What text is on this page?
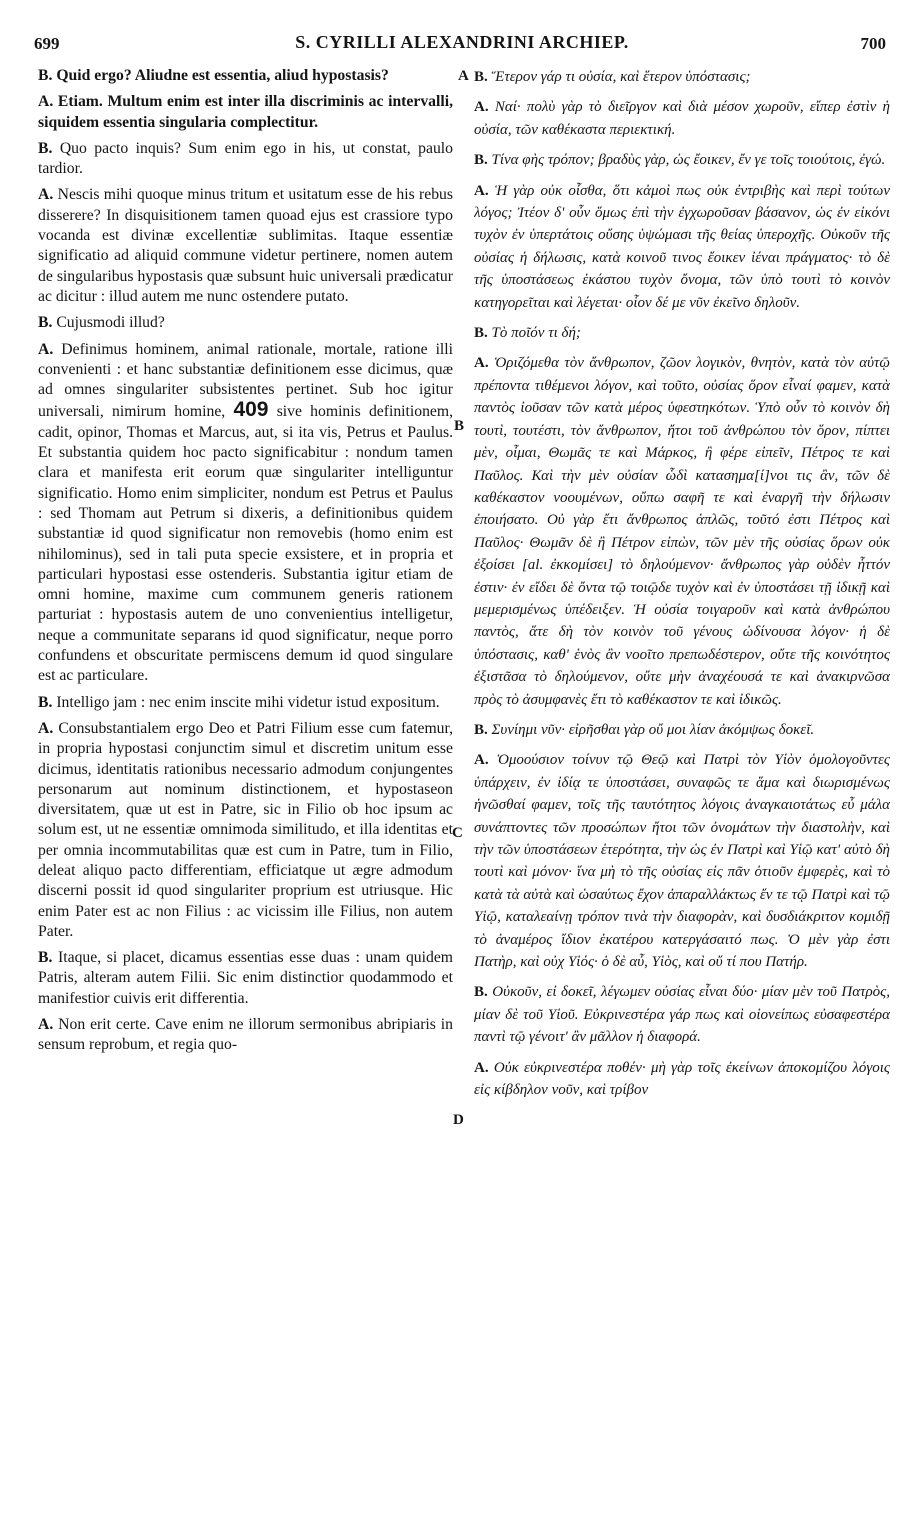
699	S. CYRILLI ALEXANDRINI ARCHIEP.	700
A
B
C
D

B. Quid ergo? Aliudne est essentia, aliud hypostasis?

A. Etiam. Multum enim est inter illa discriminis ac intervalli, siquidem essentia singularia complectitur.

B. Quo pacto inquis? Sum enim ego in his, ut constat, paulo tardior.

A. Nescis mihi quoque minus tritum et usitatum esse de his rebus disserere? In disquisitionem tamen quoad ejus est crassiore typo vocanda est divinæ excellentiæ sublimitas. Itaque essentiæ significatio ad aliquid commune videtur pertinere, nomen autem de singularibus hypostasis quæ subsunt huic universali prædicatur ac dicitur : illud autem me nunc ostendere putato.

B. Cujusmodi illud?

A. Definimus hominem, animal rationale, mortale, ratione illi convenienti : et hanc substantiæ definitionem esse dicimus, quæ ad omnes singulariter subsistentes pertinet. Sub hoc igitur universali, nimirum homine, 409 sive hominis definitionem, cadit, opinor, Thomas et Marcus, aut, si ita vis, Petrus et Paulus. Et substantia quidem hoc pacto significabitur : nondum tamen clara et manifesta erit eorum quæ singulariter intelliguntur significatio. Homo enim simpliciter, nondum est Petrus et Paulus : sed Thomam aut Petrum si dixeris, a definitionibus quidem substantiæ id quod significatur non removebis (homo enim est nihilominus), sed in tali puta specie exsistere, et in propria et particulari hypostasi esse ostenderis. Substantia igitur etiam de omni homine, maxime cum communem generis rationem parturiat : hypostasis autem de uno convenientius intelligetur, neque a communitate separans id quod significatur, neque porro confundens et obscuritate permiscens demum id quod singulare est ac particulare.

B. Intelligo jam : nec enim inscite mihi videtur istud expositum.

A. Consubstantialem ergo Deo et Patri Filium esse cum fatemur, in propria hypostasi conjunctim simul et discretim unitum esse dicimus, identitatis rationibus necessario admodum conjungentes personarum aut nominum distinctionem, et hypostaseon diversitatem, quæ ut est in Patre, sic in Filio ob hoc ipsum ac solum est, ut ne essentiæ omnimoda similitudo, et illa identitas et per omnia incommutabilitas quæ est cum in Patre, tum in Filio, deleat aliquo pacto differentiam, efficiatque ut ægre admodum discerni possit id quod singulariter proprium est utriusque. Hic enim Pater est ac non Filius : ac vicissim ille Filius, non autem Pater.

B. Itaque, si placet, dicamus essentias esse duas : unam quidem Patris, alteram autem Filii. Sic enim distinctior quodammodo et manifestior cuivis erit differentia.

A. Non erit certe. Cave enim ne illorum sermonibus abripiaris in sensum reprobum, et regia quo-

B. Ἕτερον γάρ τι οὐσία, καὶ ἕτερον ὑπόστασις;

A. Ναί· πολὺ γὰρ τὸ διεῖργον καὶ διὰ μέσον χωροῦν, εἴπερ ἐστὶν ἡ οὐσία, τῶν καθέκαστα περιεκτική.

B. Τίνα φὴς τρόπον; βραδὺς γὰρ, ὡς ἔοικεν, ἔν γε τοῖς τοιούτοις, ἐγώ.

A. Ἡ γὰρ οὐκ οἶσθα, ὅτι κἀμοὶ πως οὐκ ἐντριβὴς καὶ περὶ τούτων λόγος; Ἰτέον δ' οὖν ὅμως ἐπὶ τὴν ἐγχωροῦσαν βάσανον, ὡς ἐν εἰκόνι τυχὸν ἐν ὑπερτάτοις οὔσης ὑψώμασι τῆς θείας ὑπεροχῆς. Οὐκοῦν τῆς οὐσίας ἡ δήλωσις, κατὰ κοινοῦ τινος ἔοικεν ἰέναι πράγματος· τὸ δὲ τῆς ὑποστάσεως ἑκάστου τυχὸν ὄνομα, τῶν ὑπὸ τουτὶ τὸ κοινὸν κατηγορεῖται καὶ λέγεται· οἷον δέ με νῦν ἐκεῖνο δηλοῦν.

B. Τὸ ποῖόν τι δή;

A. Ὁριζόμεθα τὸν ἄνθρωπον, ζῶον λογικὸν, θνητὸν, κατὰ τὸν αὐτῷ πρέποντα τιθέμενοι λόγον, καὶ τοῦτο, οὐσίας ὅρον εἶναί φαμεν, κατὰ παντὸς ἰοῦσαν τῶν κατὰ μέρος ὑφεστηκότων. Ὑπὸ οὖν τὸ κοινὸν δὴ τουτὶ, τουτέστι, τὸν ἄνθρωπον, ἤτοι τοῦ ἀνθρώπου τὸν ὅρον, πίπτει μὲν, οἶμαι, Θωμᾶς τε καὶ Μάρκος, ἢ φέρε εἰπεῖν, Πέτρος τε καὶ Παῦλος. Καὶ τὴν μὲν οὐσίαν ὧδὶ κατασημα[ί]νοι τις ἂν, τῶν δὲ καθέκαστον νοουμένων, οὔπω σαφῆ τε καὶ ἐναργῆ τὴν δήλωσιν ἐποιήσατο. Οὐ γὰρ ἔτι ἄνθρωπος ἁπλῶς, τοῦτό ἐστι Πέτρος καὶ Παῦλος· Θωμᾶν δὲ ἢ Πέτρον εἰπὼν, τῶν μὲν τῆς οὐσίας ὅρων οὐκ ἐξοίσει [al. ἐκκομίσει] τὸ δηλούμενον· ἄνθρωπος γὰρ οὐδὲν ἧττόν ἐστιν· ἐν εἴδει δὲ ὄντα τῷ τοιῷδε τυχὸν καὶ ἐν ὑποστάσει τῇ ἰδικῇ καὶ μεμερισμένως ὑπέδειξεν. Ἡ οὐσία τοιγαροῦν καὶ κατὰ ἀνθρώπου παντὸς, ἅτε δὴ τὸν κοινὸν τοῦ γένους ὠδίνουσα λόγον· ἡ δὲ ὑπόστασις, καθ' ἑνὸς ἂν νοοῖτο πρεπωδέστερον, οὔτε τῆς κοινότητος ἐξιστᾶσα τὸ δηλούμενον, οὔτε μὴν ἀναχέουσά τε καὶ ἀνακιρνῶσα πρὸς τὸ ἀσυμφανὲς ἔτι τὸ καθέκαστον τε καὶ ἰδικῶς.

B. Συνίημι νῦν· εἰρῆσθαι γὰρ οὔ μοι λίαν ἀκόμψως δοκεῖ.

A. Ὁμοούσιον τοίνυν τῷ Θεῷ καὶ Πατρὶ τὸν Υἱὸν ὁμολογοῦντες ὑπάρχειν, ἐν ἰδίᾳ τε ὑποστάσει, συναφῶς τε ἅμα καὶ διωρισμένως ἡνῶσθαί φαμεν, τοῖς τῆς ταυτότητος λόγοις ἀναγκαιοτάτως εὖ μάλα συνάπτοντες τῶν προσώπων ἤτοι τῶν ὀνομάτων τὴν διαστολὴν, καὶ τὴν τῶν ὑποστάσεων ἑτερότητα, τὴν ὡς ἐν Πατρὶ καὶ Υἱῷ κατ' αὐτὸ δὴ τουτὶ καὶ μόνον· ἵνα μὴ τὸ τῆς οὐσίας εἰς πᾶν ὁτιοῦν ἐμφερὲς, καὶ τὸ κατὰ τὰ αὐτὰ καὶ ὡσαύτως ἔχον ἀπαραλλάκτως ἔν τε τῷ Πατρὶ καὶ τῷ Υἱῷ, καταλεαίνῃ τρόπον τινὰ τὴν διαφορὰν, καὶ δυσδιάκριτον κομιδῇ τὸ ἀναμέρος ἴδιον ἑκατέρου κατεργάσαιτό πως. Ὁ μὲν γὰρ ἐστι Πατὴρ, καὶ οὐχ Υἱός· ὁ δὲ αὖ, Υἱὸς, καὶ οὔ τί που Πατήρ.

B. Οὐκοῦν, εἰ δοκεῖ, λέγωμεν οὐσίας εἶναι δύο· μίαν μὲν τοῦ Πατρὸς, μίαν δὲ τοῦ Υἱοῦ. Εὐκρινεστέρα γάρ πως καὶ οἱονείπως εὐσαφεστέρα παντὶ τῷ γένοιτ' ἂν μᾶλλον ἡ διαφορά.

A. Οὐκ εὐκρινεστέρα ποθέν· μὴ γὰρ τοῖς ἐκείνων ἀποκομίζου λόγοις εἰς κίβδηλον νοῦν, καὶ τρίβον
